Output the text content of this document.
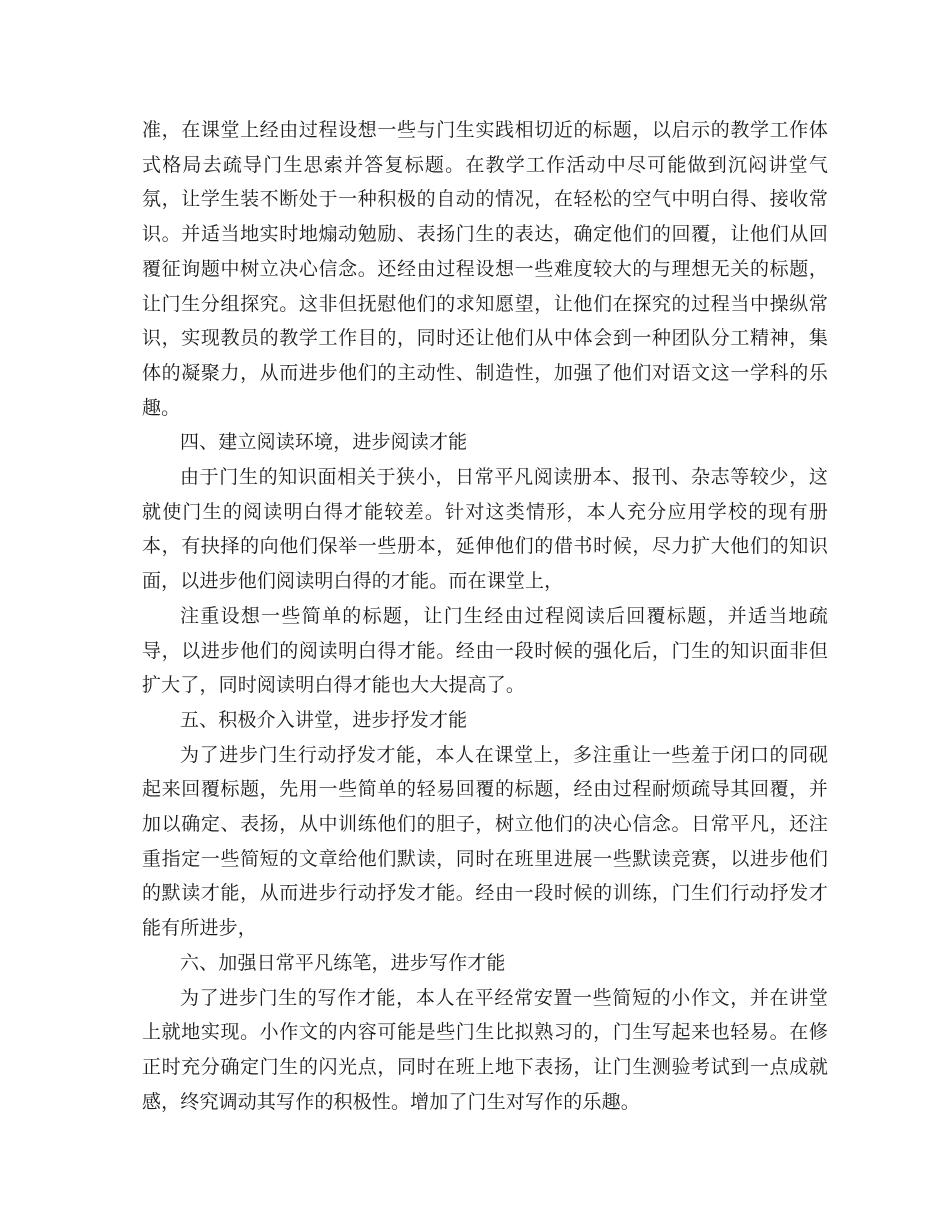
准，在课堂上经由过程设想一些与门生实践相切近的标题，以启示的教学工作体式格局去疏导门生思索并答复标题。在教学工作活动中尽可能做到沉闷讲堂气氛，让学生装不断处于一种积极的自动的情况，在轻松的空气中明白得、接收常识。并适当地实时地煽动勉励、表扬门生的表达，确定他们的回覆，让他们从回覆征询题中树立决心信念。还经由过程设想一些难度较大的与理想无关的标题，让门生分组探究。这非但抚慰他们的求知愿望，让他们在探究的过程当中操纵常识，实现教员的教学工作目的，同时还让他们从中体会到一种团队分工精神，集体的凝聚力，从而进步他们的主动性、制造性，加强了他们对语文这一学科的乐趣。

四、建立阅读环境，进步阅读才能

由于门生的知识面相关于狭小，日常平凡阅读册本、报刊、杂志等较少，这就使门生的阅读明白得才能较差。针对这类情形，本人充分应用学校的现有册本，有抉择的向他们保举一些册本，延伸他们的借书时候，尽力扩大他们的知识面，以进步他们阅读明白得的才能。而在课堂上，

注重设想一些简单的标题，让门生经由过程阅读后回覆标题，并适当地疏导，以进步他们的阅读明白得才能。经由一段时候的强化后，门生的知识面非但扩大了，同时阅读明白得才能也大大提高了。

五、积极介入讲堂，进步抒发才能

为了进步门生行动抒发才能，本人在课堂上，多注重让一些羞于闭口的同砚起来回覆标题，先用一些简单的轻易回覆的标题，经由过程耐烦疏导其回覆，并加以确定、表扬，从中训练他们的胆子，树立他们的决心信念。日常平凡，还注重指定一些简短的文章给他们默读，同时在班里进展一些默读竞赛，以进步他们的默读才能，从而进步行动抒发才能。经由一段时候的训练，门生们行动抒发才能有所进步，

六、加强日常平凡练笔，进步写作才能

为了进步门生的写作才能，本人在平经常安置一些简短的小作文，并在讲堂上就地实现。小作文的内容可能是些门生比拟熟习的，门生写起来也轻易。在修正时充分确定门生的闪光点，同时在班上地下表扬，让门生测验考试到一点成就感，终究调动其写作的积极性。增加了门生对写作的乐趣。
